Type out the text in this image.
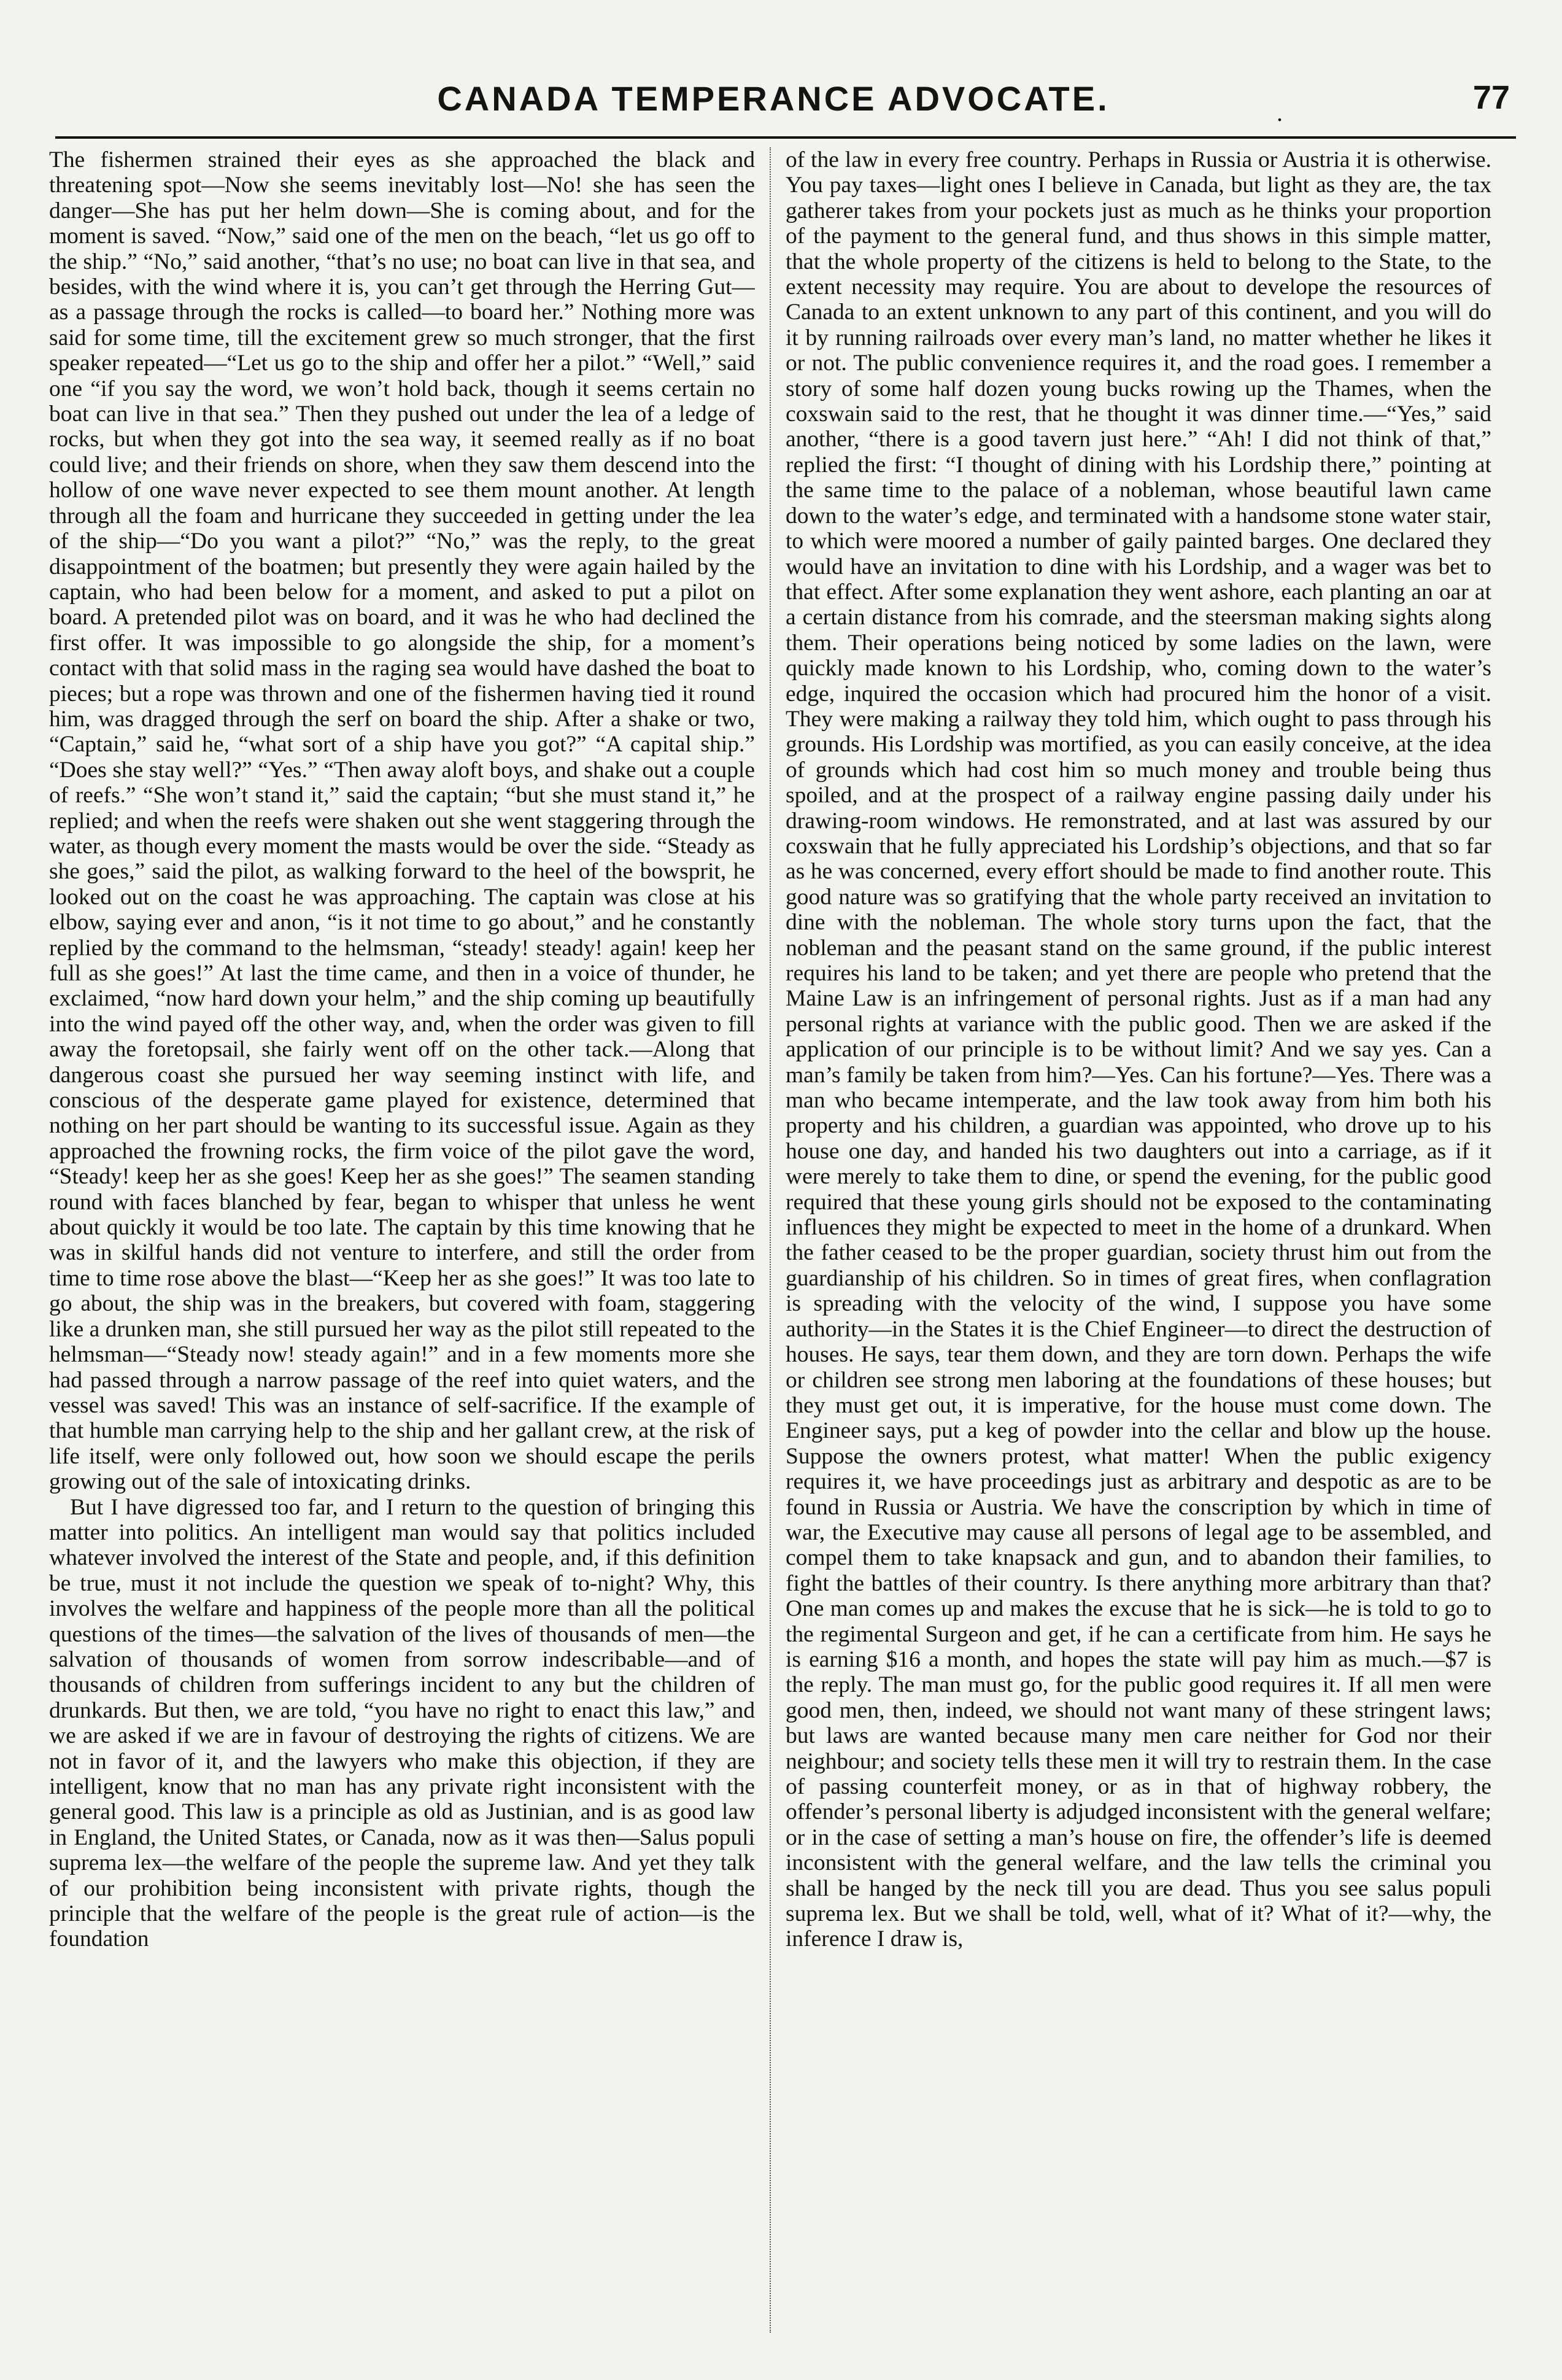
CANADA TEMPERANCE ADVOCATE.	.	77

The fishermen strained their eyes as she approached the black and threatening spot—Now she seems inevitably lost—No! she has seen the danger—She has put her helm down—She is coming about, and for the moment is saved. “Now,” said one of the men on the beach, “let us go off to the ship.” “No,” said another, “that’s no use; no boat can live in that sea, and besides, with the wind where it is, you can’t get through the Herring Gut—as a passage through the rocks is called—to board her.” Nothing more was said for some time, till the excitement grew so much stronger, that the first speaker repeated—“Let us go to the ship and offer her a pilot.” “Well,” said one “if you say the word, we won’t hold back, though it seems certain no boat can live in that sea.” Then they pushed out under the lea of a ledge of rocks, but when they got into the sea way, it seemed really as if no boat could live; and their friends on shore, when they saw them descend into the hollow of one wave never expected to see them mount another. At length through all the foam and hurricane they succeeded in getting under the lea of the ship—“Do you want a pilot?” “No,” was the reply, to the great disappointment of the boatmen; but presently they were again hailed by the captain, who had been below for a moment, and asked to put a pilot on board. A pretended pilot was on board, and it was he who had declined the first offer. It was impossible to go alongside the ship, for a moment’s contact with that solid mass in the raging sea would have dashed the boat to pieces; but a rope was thrown and one of the fishermen having tied it round him, was dragged through the serf on board the ship. After a shake or two, “Captain,” said he, “what sort of a ship have you got?” “A capital ship.” “Does she stay well?” “Yes.” “Then away aloft boys, and shake out a couple of reefs.” “She won’t stand it,” said the captain; “but she must stand it,” he replied; and when the reefs were shaken out she went staggering through the water, as though every moment the masts would be over the side. “Steady as she goes,” said the pilot, as walking forward to the heel of the bowsprit, he looked out on the coast he was approaching. The captain was close at his elbow, saying ever and anon, “is it not time to go about,” and he constantly replied by the command to the helmsman, “steady! steady! again! keep her full as she goes!” At last the time came, and then in a voice of thunder, he exclaimed, “now hard down your helm,” and the ship coming up beautifully into the wind payed off the other way, and, when the order was given to fill away the foretopsail, she fairly went off on the other tack.—Along that dangerous coast she pursued her way seeming instinct with life, and conscious of the desperate game played for existence, determined that nothing on her part should be wanting to its successful issue. Again as they approached the frowning rocks, the firm voice of the pilot gave the word, “Steady! keep her as she goes! Keep her as she goes!” The seamen standing round with faces blanched by fear, began to whisper that unless he went about quickly it would be too late. The captain by this time knowing that he was in skilful hands did not venture to interfere, and still the order from time to time rose above the blast—“Keep her as she goes!” It was too late to go about, the ship was in the breakers, but covered with foam, staggering like a drunken man, she still pursued her way as the pilot still repeated to the helmsman—“Steady now! steady again!” and in a few moments more she had passed through a narrow passage of the reef into quiet waters, and the vessel was saved! This was an instance of self-sacrifice. If the example of that humble man carrying help to the ship and her gallant crew, at the risk of life itself, were only followed out, how soon we should escape the perils growing out of the sale of intoxicating drinks.

But I have digressed too far, and I return to the question of bringing this matter into politics. An intelligent man would say that politics included whatever involved the interest of the State and people, and, if this definition be true, must it not include the question we speak of to-night? Why, this involves the welfare and happiness of the people more than all the political questions of the times—the salvation of the lives of thousands of men—the salvation of thousands of women from sorrow indescribable—and of thousands of children from sufferings incident to any but the children of drunkards. But then, we are told, “you have no right to enact this law,” and we are asked if we are in favour of destroying the rights of citizens. We are not in favor of it, and the lawyers who make this objection, if they are intelligent, know that no man has any private right inconsistent with the general good. This law is a principle as old as Justinian, and is as good law in England, the United States, or Canada, now as it was then—Salus populi suprema lex—the welfare of the people the supreme law. And yet they talk of our prohibition being inconsistent with private rights, though the principle that the welfare of the people is the great rule of action—is the foundation

of the law in every free country. Perhaps in Russia or Austria it is otherwise. You pay taxes—light ones I believe in Canada, but light as they are, the tax gatherer takes from your pockets just as much as he thinks your proportion of the payment to the general fund, and thus shows in this simple matter, that the whole property of the citizens is held to belong to the State, to the extent necessity may require. You are about to develope the resources of Canada to an extent unknown to any part of this continent, and you will do it by running railroads over every man’s land, no matter whether he likes it or not. The public convenience requires it, and the road goes. I remember a story of some half dozen young bucks rowing up the Thames, when the coxswain said to the rest, that he thought it was dinner time.—“Yes,” said another, “there is a good tavern just here.” “Ah! I did not think of that,” replied the first: “I thought of dining with his Lordship there,” pointing at the same time to the palace of a nobleman, whose beautiful lawn came down to the water’s edge, and terminated with a handsome stone water stair, to which were moored a number of gaily painted barges. One declared they would have an invitation to dine with his Lordship, and a wager was bet to that effect. After some explanation they went ashore, each planting an oar at a certain distance from his comrade, and the steersman making sights along them. Their operations being noticed by some ladies on the lawn, were quickly made known to his Lordship, who, coming down to the water’s edge, inquired the occasion which had procured him the honor of a visit. They were making a railway they told him, which ought to pass through his grounds. His Lordship was mortified, as you can easily conceive, at the idea of grounds which had cost him so much money and trouble being thus spoiled, and at the prospect of a railway engine passing daily under his drawing-room windows. He remonstrated, and at last was assured by our coxswain that he fully appreciated his Lordship’s objections, and that so far as he was concerned, every effort should be made to find another route. This good nature was so gratifying that the whole party received an invitation to dine with the nobleman. The whole story turns upon the fact, that the nobleman and the peasant stand on the same ground, if the public interest requires his land to be taken; and yet there are people who pretend that the Maine Law is an infringement of personal rights. Just as if a man had any personal rights at variance with the public good. Then we are asked if the application of our principle is to be without limit? And we say yes. Can a man’s family be taken from him?—Yes. Can his fortune?—Yes. There was a man who became intemperate, and the law took away from him both his property and his children, a guardian was appointed, who drove up to his house one day, and handed his two daughters out into a carriage, as if it were merely to take them to dine, or spend the evening, for the public good required that these young girls should not be exposed to the contaminating influences they might be expected to meet in the home of a drunkard. When the father ceased to be the proper guardian, society thrust him out from the guardianship of his children. So in times of great fires, when conflagration is spreading with the velocity of the wind, I suppose you have some authority—in the States it is the Chief Engineer—to direct the destruction of houses. He says, tear them down, and they are torn down. Perhaps the wife or children see strong men laboring at the foundations of these houses; but they must get out, it is imperative, for the house must come down. The Engineer says, put a keg of powder into the cellar and blow up the house. Suppose the owners protest, what matter! When the public exigency requires it, we have proceedings just as arbitrary and despotic as are to be found in Russia or Austria. We have the conscription by which in time of war, the Executive may cause all persons of legal age to be assembled, and compel them to take knapsack and gun, and to abandon their families, to fight the battles of their country. Is there anything more arbitrary than that? One man comes up and makes the excuse that he is sick—he is told to go to the regimental Surgeon and get, if he can a certificate from him. He says he is earning $16 a month, and hopes the state will pay him as much.—$7 is the reply. The man must go, for the public good requires it. If all men were good men, then, indeed, we should not want many of these stringent laws; but laws are wanted because many men care neither for God nor their neighbour; and society tells these men it will try to restrain them. In the case of passing counterfeit money, or as in that of highway robbery, the offender’s personal liberty is adjudged inconsistent with the general welfare; or in the case of setting a man’s house on fire, the offender’s life is deemed inconsistent with the general welfare, and the law tells the criminal you shall be hanged by the neck till you are dead. Thus you see salus populi suprema lex. But we shall be told, well, what of it? What of it?—why, the inference I draw is,
